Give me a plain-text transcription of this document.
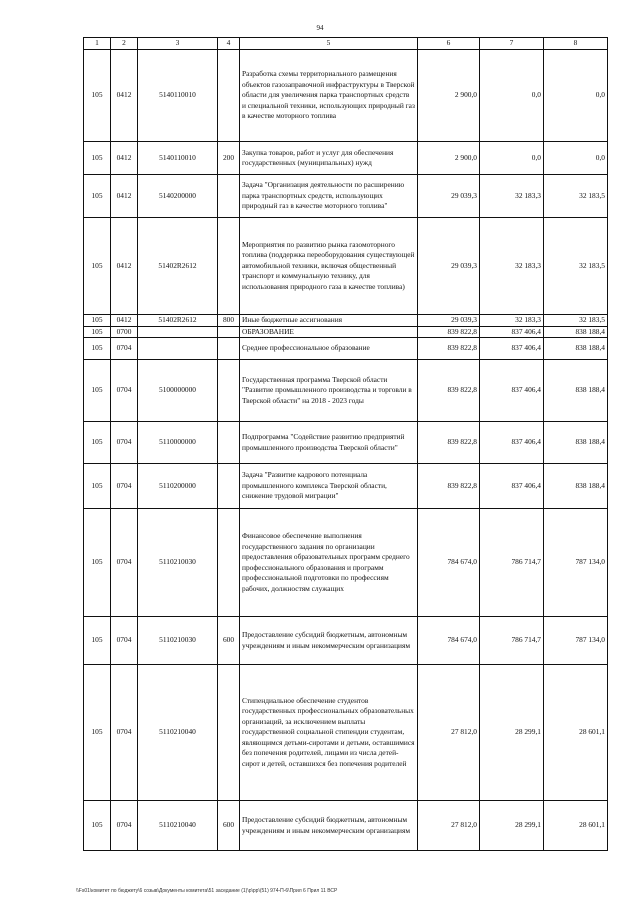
94
1	2	3	4	5	6	7	8
105	0412	5140110010		Разработка схемы территориального размещения объектов газозаправочной инфраструктуры в Тверской области для увеличения парка транспортных средств и специальной техники, использующих природный газ в качестве моторного топлива	2 900,0	0,0	0,0
105	0412	5140110010	200	Закупка товаров, работ и услуг для обеспечения государственных (муниципальных) нужд	2 900,0	0,0	0,0
105	0412	5140200000		Задача "Организация деятельности по расширению парка транспортных средств, использующих природный газ в качестве моторного топлива"	29 039,3	32 183,3	32 183,5
105	0412	51402R2612		Мероприятия по развитию рынка газомоторного топлива (поддержка переоборудования существующей автомобильной техники, включая общественный транспорт и коммунальную технику, для использования природного газа в качестве топлива)	29 039,3	32 183,3	32 183,5
105	0412	51402R2612	800	Иные бюджетные ассигнования	29 039,3	32 183,3	32 183,5
105	0700			ОБРАЗОВАНИЕ	839 822,8	837 406,4	838 188,4
105	0704			Среднее профессиональное образование	839 822,8	837 406,4	838 188,4
105	0704	5100000000		Государственная программа Тверской области "Развитие промышленного производства и торговли в Тверской области" на 2018 - 2023 годы	839 822,8	837 406,4	838 188,4
105	0704	5110000000		Подпрограмма "Содействие развитию предприятий промышленного производства Тверской области"	839 822,8	837 406,4	838 188,4
105	0704	5110200000		Задача "Развитие кадрового потенциала промышленного комплекса Тверской области, снижение трудовой миграции"	839 822,8	837 406,4	838 188,4
105	0704	5110210030		Финансовое обеспечение выполнения государственного задания по организации предоставления образовательных программ среднего профессионального образования и программ профессиональной подготовки по профессиям рабочих, должностям служащих	784 674,0	786 714,7	787 134,0
105	0704	5110210030	600	Предоставление субсидий бюджетным, автономным учреждениям и иным некоммерческим организациям	784 674,0	786 714,7	787 134,0
105	0704	5110210040		Стипендиальное обеспечение студентов государственных профессиональных образовательных организаций, за исключением выплаты государственной социальной стипендии студентам, являющимся детьми-сиротами и детьми, оставшимися без попечения родителей, лицами из числа детей-сирот и детей, оставшихся без попечения родителей	27 812,0	28 299,1	28 601,1
105	0704	5110210040	600	Предоставление субсидий бюджетным, автономным учреждениям и иным некоммерческим организациям	27 812,0	28 299,1	28 601,1
\\Fs01\комитет по бюджету\6 созыв\Документы комитета\51 заседание (1)\р\рр\(51) 974-П-6\Прил 6 Прил 11 ВСР
